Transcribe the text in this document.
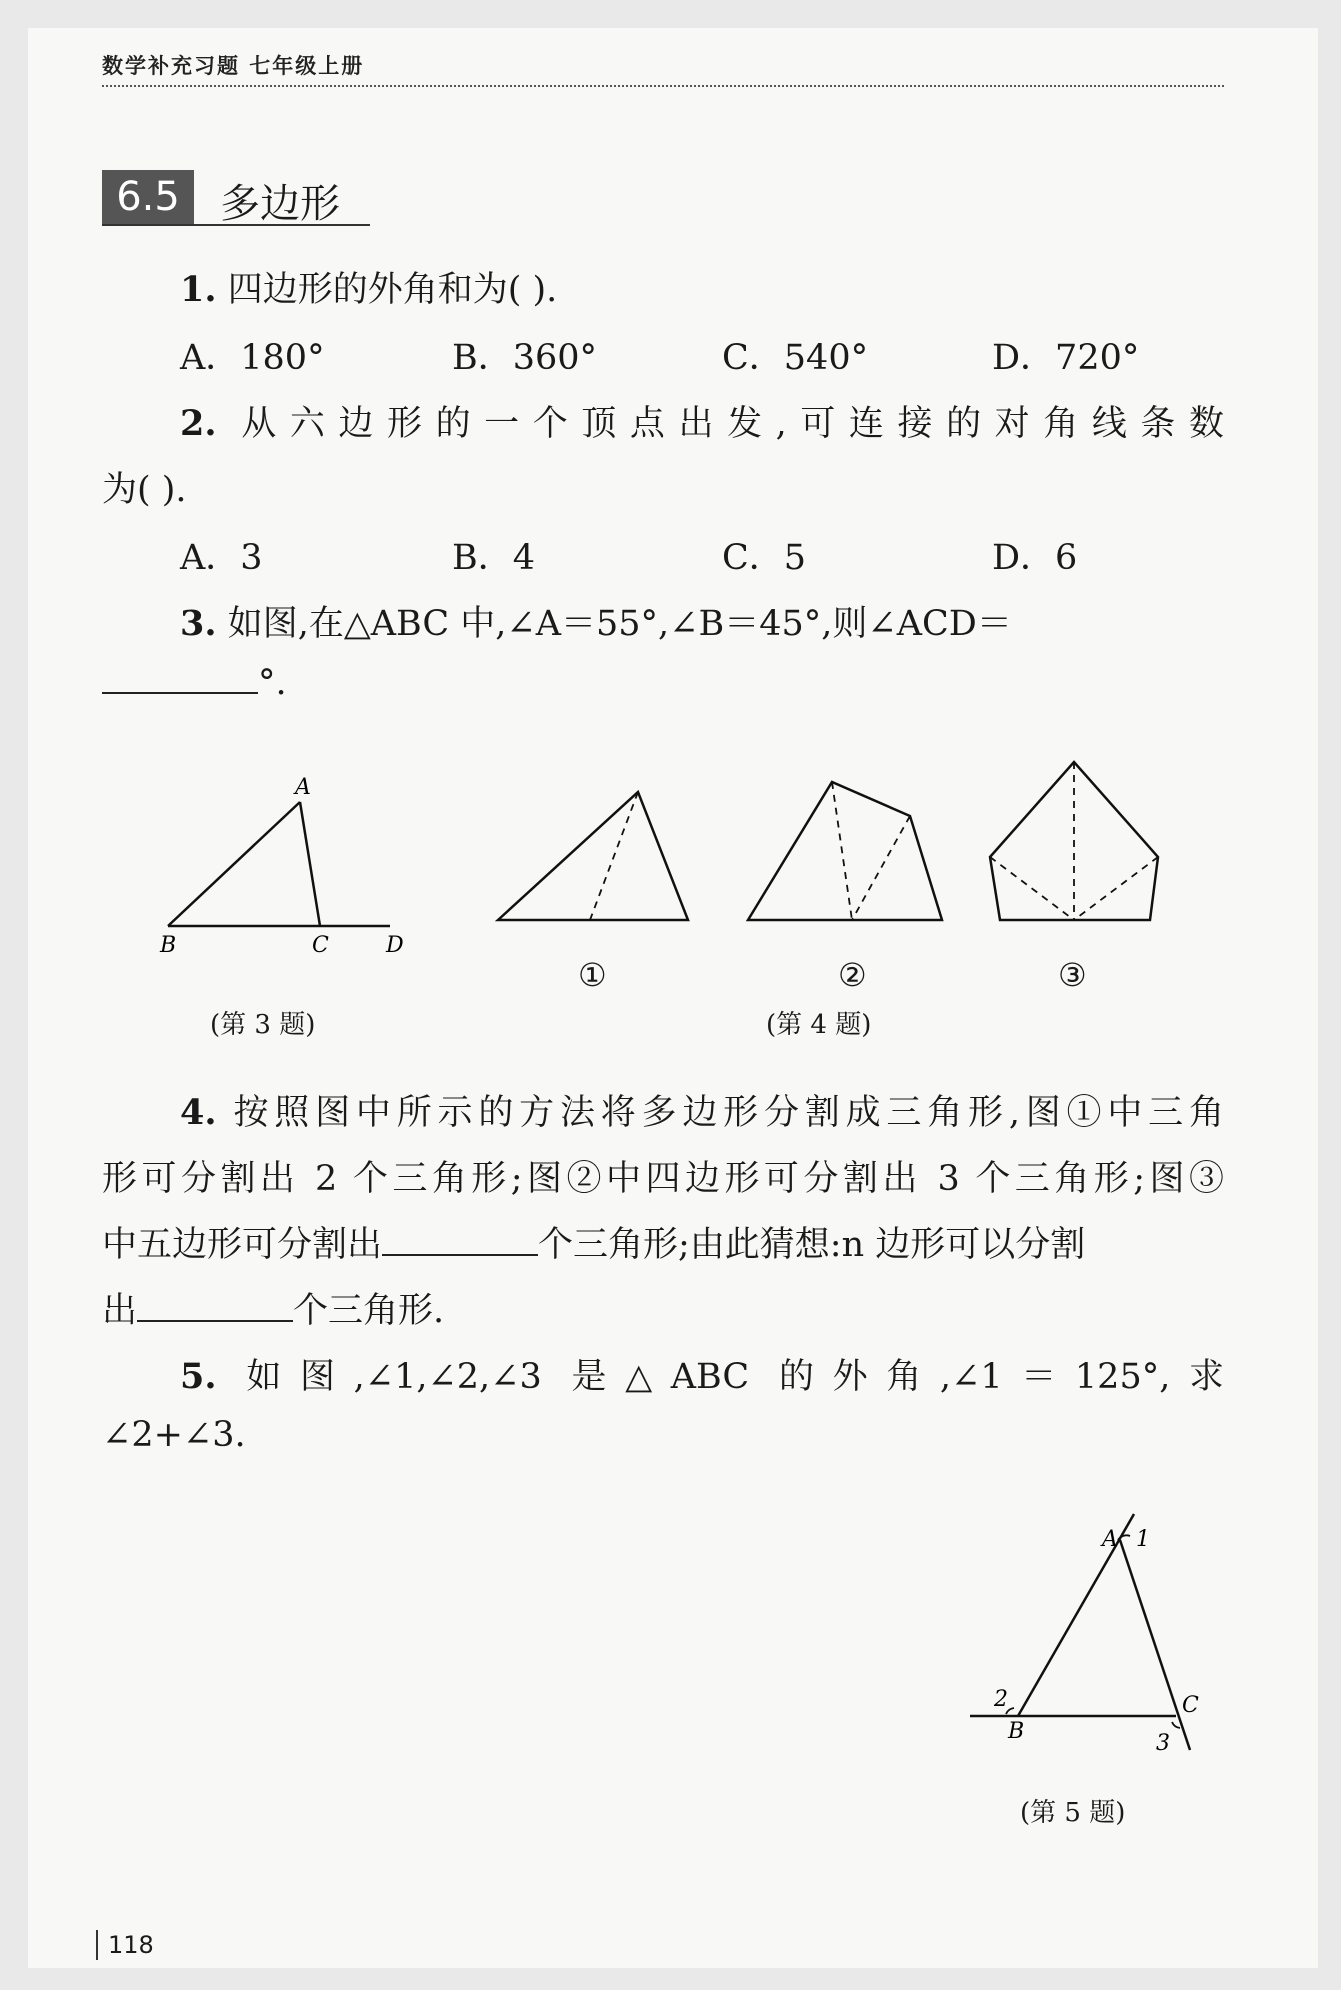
数学补充习题 七年级上册
6.5	多边形
1. 四边形的外角和为( ).
A．180°	B．360°	C．540°	D．720°
2. 从六边形的一个顶点出发,可连接的对角线条数
为( ).
A．3	B．4	C．5	D．6
3. 如图,在△ABC 中,∠A＝55°,∠B＝45°,则∠ACD＝
°.
A
B	C	D
(第 3 题)
①	②	③
(第 4 题)
4. 按照图中所示的方法将多边形分割成三角形,图①中三角
形可分割出 2 个三角形;图②中四边形可分割出 3 个三角形;图③
中五边形可分割出	个三角形;由此猜想:n 边形可以分割
出	个三角形.
5. 如图,∠1,∠2,∠3 是△ABC 的外角,∠1＝125°,求
∠2+∠3.
A 1
B
2	C
3
(第 5 题)
118
